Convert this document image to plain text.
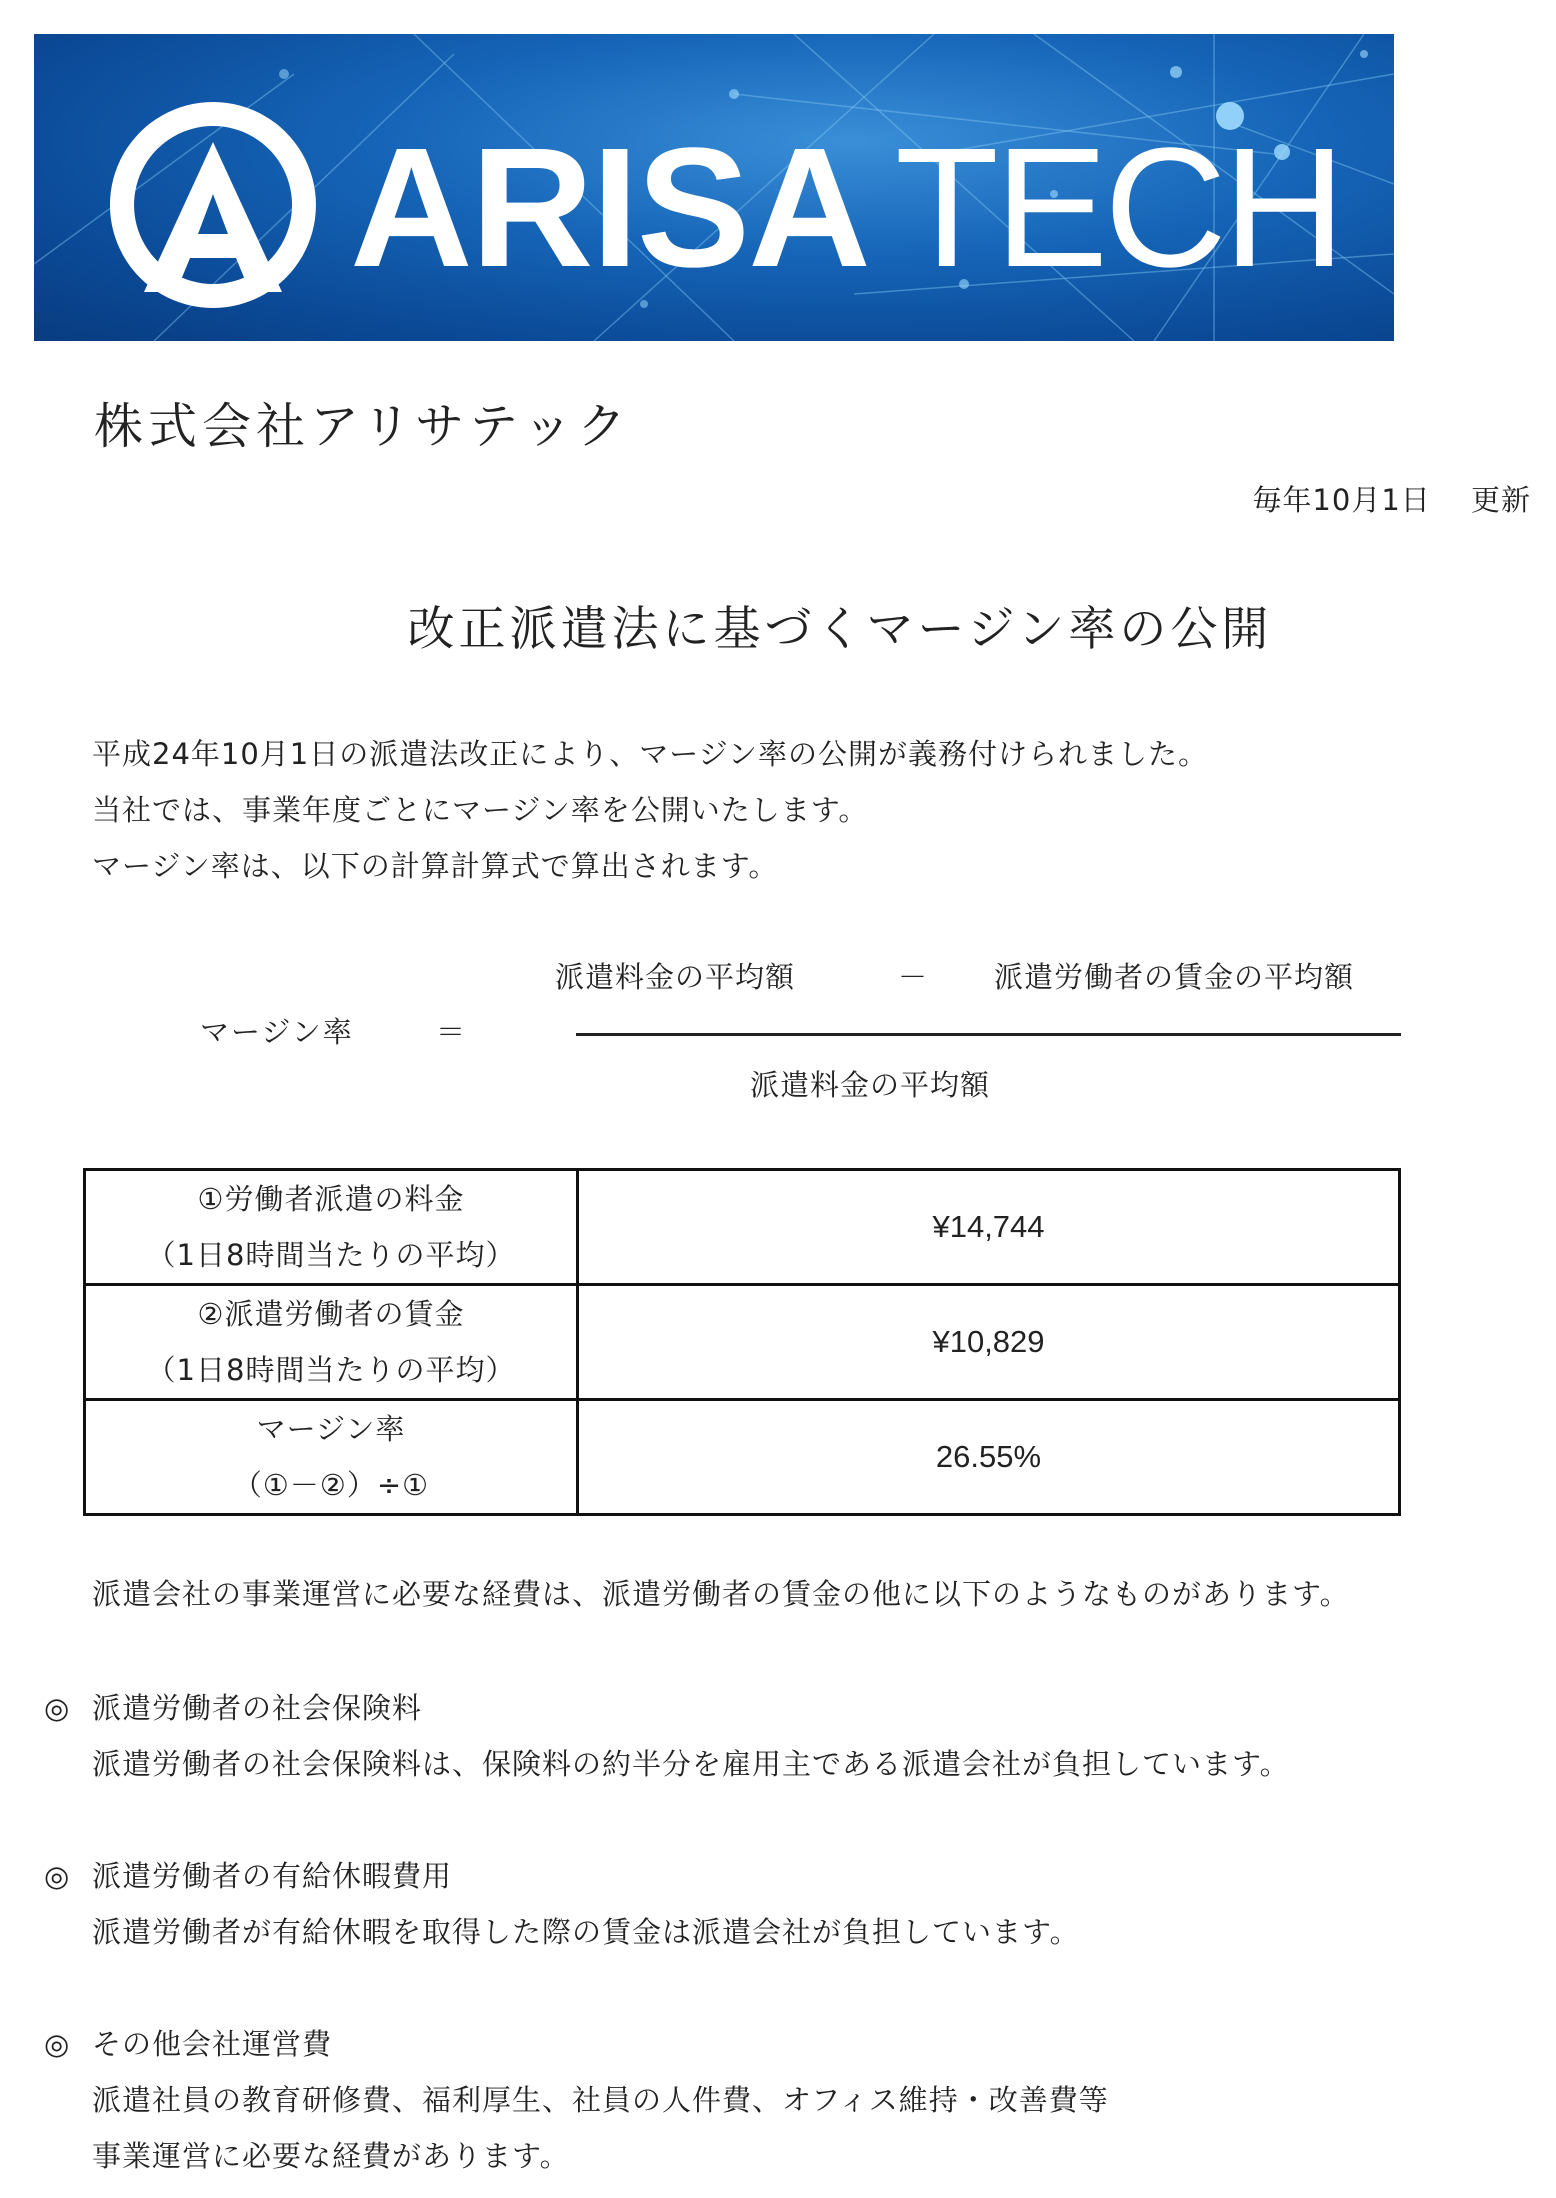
ARISA TECH
株式会社アリサテック
毎年10月1日　 更新
改正派遣法に基づくマージン率の公開
平成24年10月1日の派遣法改正により、マージン率の公開が義務付けられました。
当社では、事業年度ごとにマージン率を公開いたします。
マージン率は、以下の計算計算式で算出されます。
マージン率	＝
派遣料金の平均額	－ 派遣労働者の賃金の平均額
派遣料金の平均額
①労働者派遣の料金
（1日8時間当たりの平均）	¥14,744

②派遣労働者の賃金
（1日8時間当たりの平均）	¥10,829

マージン率
（①－②）÷①	26.55%
派遣会社の事業運営に必要な経費は、派遣労働者の賃金の他に以下のようなものがあります。
◎ 派遣労働者の社会保険料
派遣労働者の社会保険料は、保険料の約半分を雇用主である派遣会社が負担しています。
◎ 派遣労働者の有給休暇費用
派遣労働者が有給休暇を取得した際の賃金は派遣会社が負担しています。
◎ その他会社運営費
派遣社員の教育研修費、福利厚生、社員の人件費、オフィス維持・改善費等
事業運営に必要な経費があります。
